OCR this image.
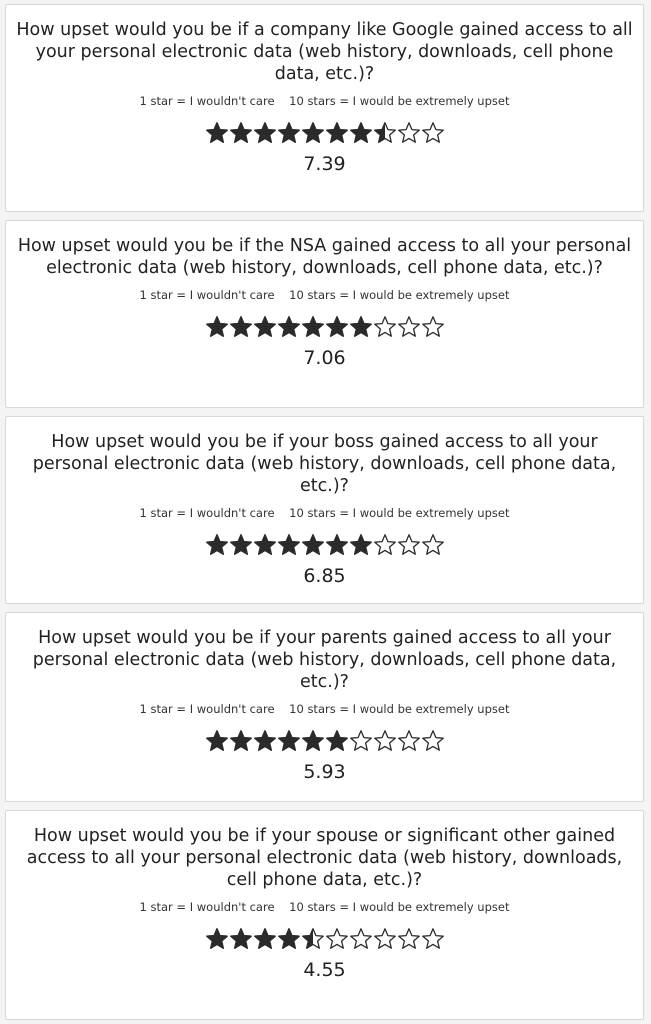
How upset would you be if a company like Google gained access to all your personal electronic data (web history, downloads, cell phone data, etc.)?

1 star = I wouldn't care    10 stars = I would be extremely upset
7.39

How upset would you be if the NSA gained access to all your personal electronic data (web history, downloads, cell phone data, etc.)?

1 star = I wouldn't care    10 stars = I would be extremely upset
7.06

How upset would you be if your boss gained access to all your personal electronic data (web history, downloads, cell phone data, etc.)?

1 star = I wouldn't care    10 stars = I would be extremely upset
6.85

How upset would you be if your parents gained access to all your personal electronic data (web history, downloads, cell phone data, etc.)?

1 star = I wouldn't care    10 stars = I would be extremely upset
5.93

How upset would you be if your spouse or significant other gained access to all your personal electronic data (web history, downloads, cell phone data, etc.)?

1 star = I wouldn't care    10 stars = I would be extremely upset
4.55
